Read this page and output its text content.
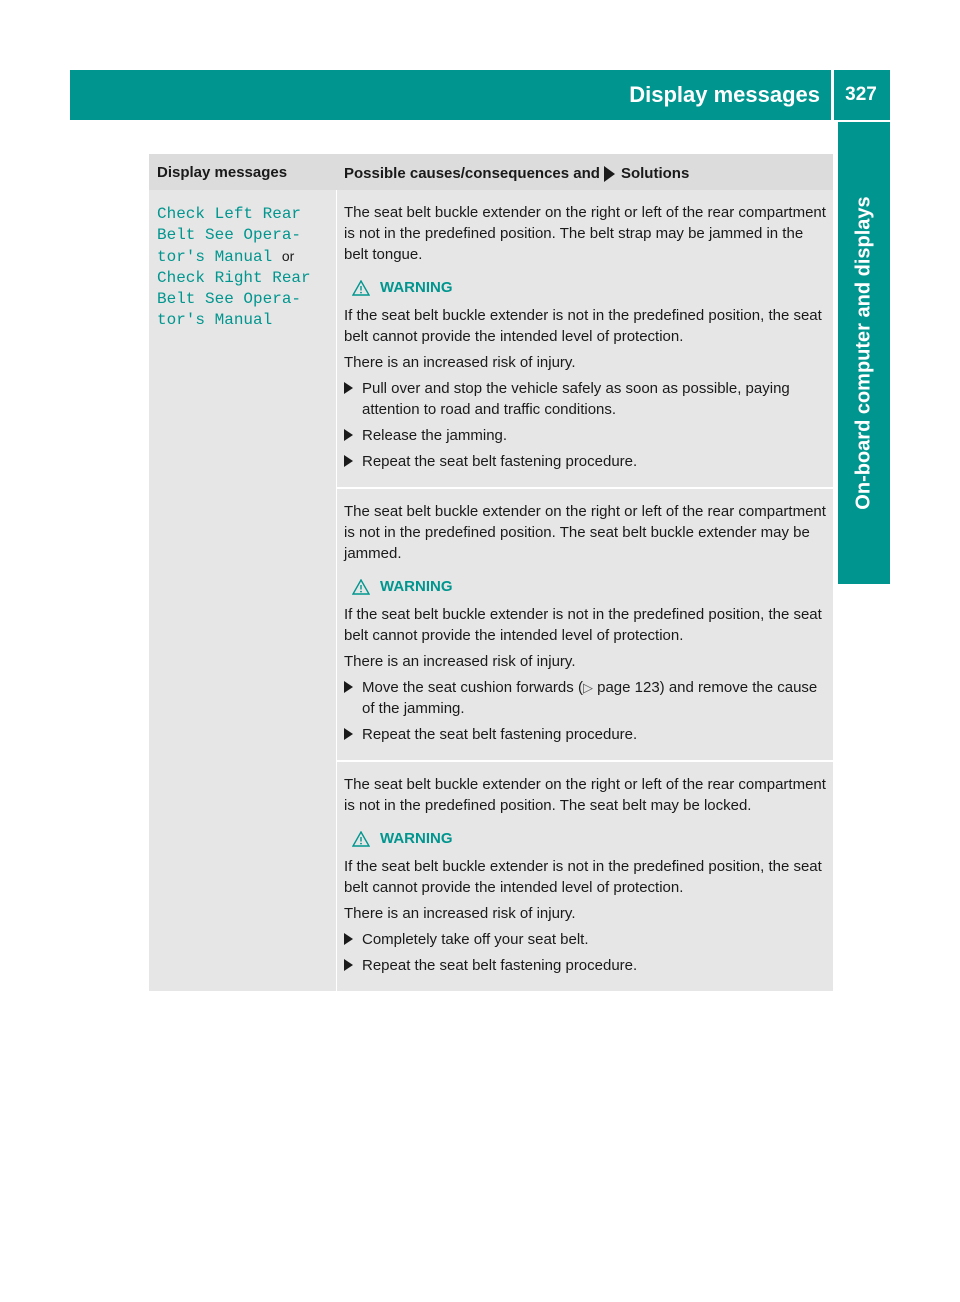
Display messages	327
On-board computer and displays
Display messages	Possible causes/consequences and Solutions
Check Left Rear
Belt See Opera‐
tor's Manual or
Check Right Rear
Belt See Opera‐
tor's Manual

The seat belt buckle extender on the right or left of the rear compartment is not in the predefined position. The belt strap may be jammed in the belt tongue.

WARNING

If the seat belt buckle extender is not in the predefined position, the seat belt cannot provide the intended level of protection.

There is an increased risk of injury.

Pull over and stop the vehicle safely as soon as possible, paying attention to road and traffic conditions.
Release the jamming.
Repeat the seat belt fastening procedure.

The seat belt buckle extender on the right or left of the rear compartment is not in the predefined position. The seat belt buckle extender may be jammed.

WARNING

If the seat belt buckle extender is not in the predefined position, the seat belt cannot provide the intended level of protection.

There is an increased risk of injury.

Move the seat cushion forwards (▷ page 123) and remove the cause of the jamming.
Repeat the seat belt fastening procedure.

The seat belt buckle extender on the right or left of the rear compartment is not in the predefined position. The seat belt may be locked.

WARNING

If the seat belt buckle extender is not in the predefined position, the seat belt cannot provide the intended level of protection.

There is an increased risk of injury.

Completely take off your seat belt.
Repeat the seat belt fastening procedure.
